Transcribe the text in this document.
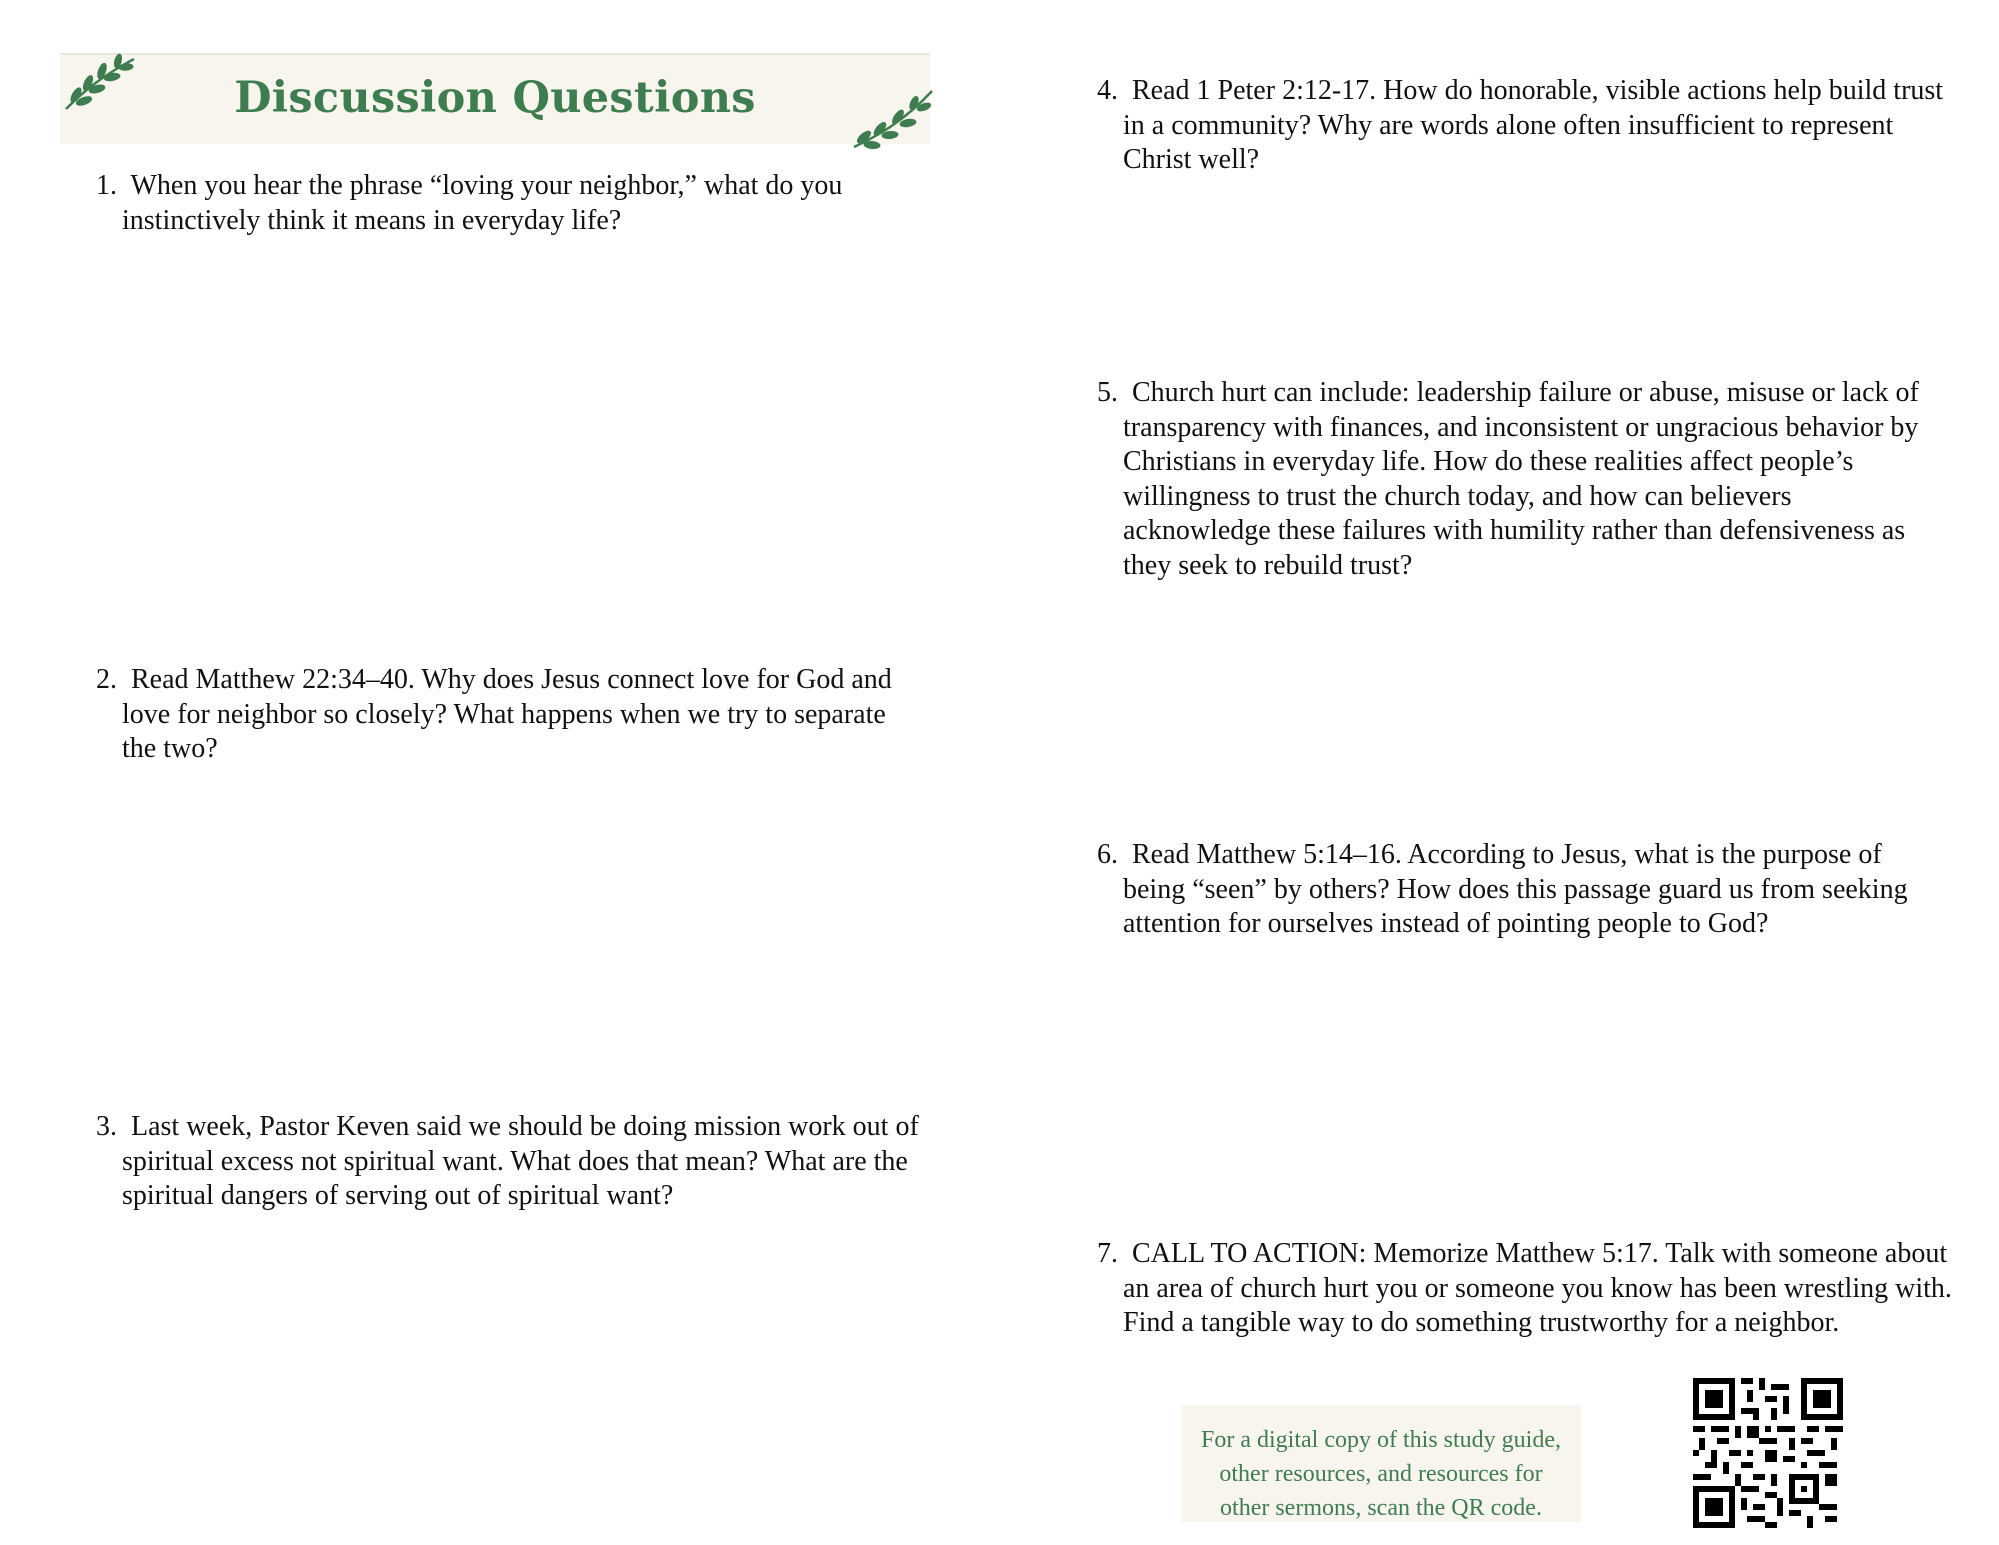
Discussion Questions

1. When you hear the phrase “loving your neighbor,” what do you instinctively think it means in everyday life?

2. Read Matthew 22:34–40. Why does Jesus connect love for God and love for neighbor so closely? What happens when we try to separate the two?

3. Last week, Pastor Keven said we should be doing mission work out of spiritual excess not spiritual want. What does that mean? What are the spiritual dangers of serving out of spiritual want?

4. Read 1 Peter 2:12-17. How do honorable, visible actions help build trust in a community? Why are words alone often insufficient to represent Christ well?

5. Church hurt can include: leadership failure or abuse, misuse or lack of transparency with finances, and inconsistent or ungracious behavior by Christians in everyday life. How do these realities affect people’s willingness to trust the church today, and how can believers acknowledge these failures with humility rather than defensiveness as they seek to rebuild trust?

6. Read Matthew 5:14–16. According to Jesus, what is the purpose of being “seen” by others? How does this passage guard us from seeking attention for ourselves instead of pointing people to God?

7. CALL TO ACTION: Memorize Matthew 5:17. Talk with someone about an area of church hurt you or someone you know has been wrestling with. Find a tangible way to do something trustworthy for a neighbor.

For a digital copy of this study guide,
other resources, and resources for
other sermons, scan the QR code.
